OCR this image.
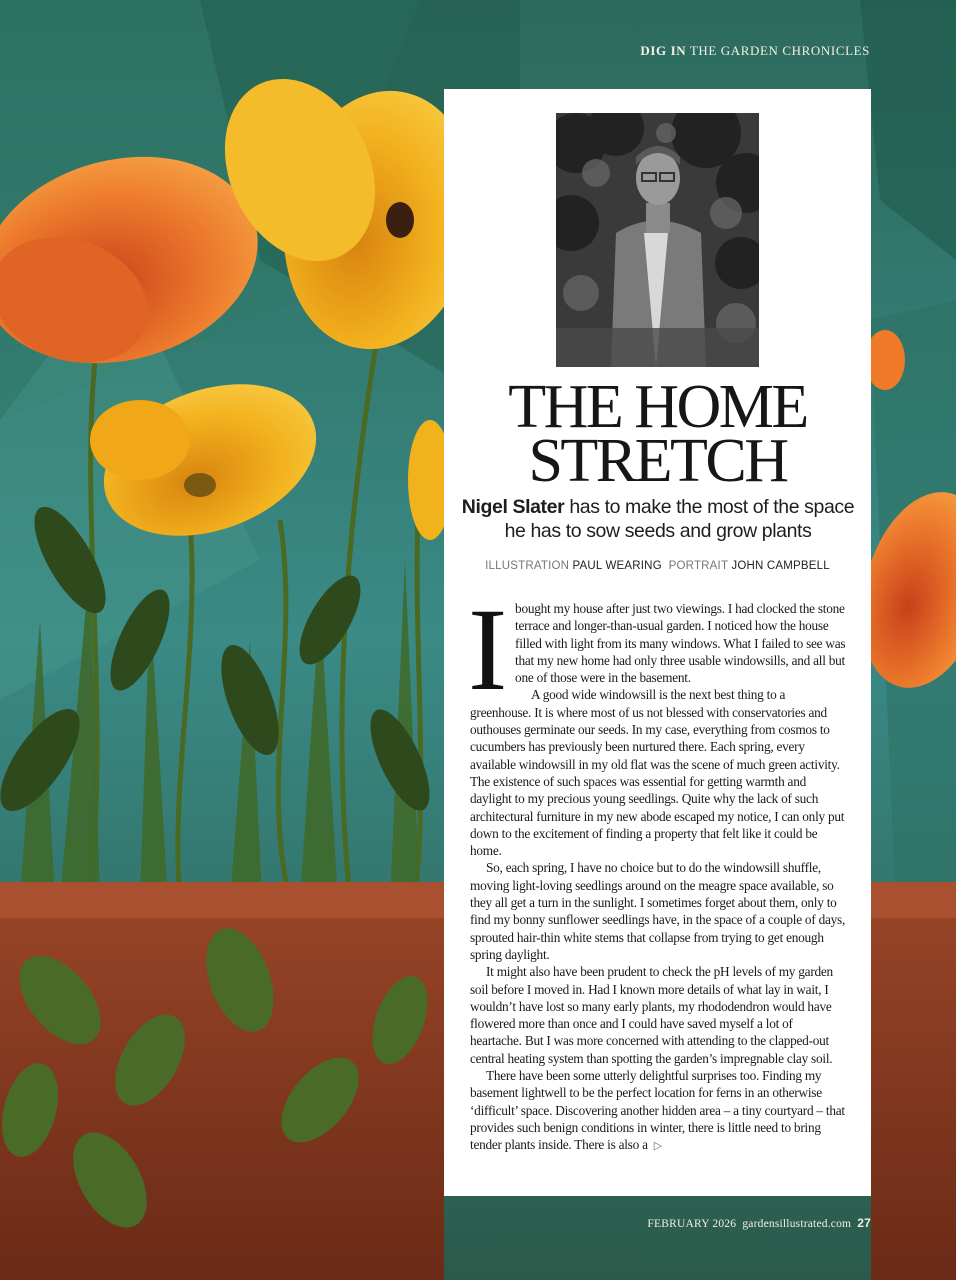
DIG IN THE GARDEN CHRONICLES
THE HOME
STRETCH
Nigel Slater has to make the most of the space he has to sow seeds and grow plants
ILLUSTRATION PAUL WEARING PORTRAIT JOHN CAMPBELL

I bought my house after just two viewings. I had clocked the stone terrace and longer-than-usual garden. I noticed how the house filled with light from its many windows. What I failed to see was that my new home had only three usable windowsills, and all but one of those were in the basement.

A good wide windowsill is the next best thing to a greenhouse. It is where most of us not blessed with conservatories and outhouses germinate our seeds. In my case, everything from cosmos to cucumbers has previously been nurtured there. Each spring, every available windowsill in my old flat was the scene of much green activity. The existence of such spaces was essential for getting warmth and daylight to my precious young seedlings. Quite why the lack of such architectural furniture in my new abode escaped my notice, I can only put down to the excitement of finding a property that felt like it could be home.

So, each spring, I have no choice but to do the windowsill shuffle, moving light-loving seedlings around on the meagre space available, so they all get a turn in the sunlight. I sometimes forget about them, only to find my bonny sunflower seedlings have, in the space of a couple of days, sprouted hair-thin white stems that collapse from trying to get enough spring daylight.

It might also have been prudent to check the pH levels of my garden soil before I moved in. Had I known more details of what lay in wait, I wouldn’t have lost so many early plants, my rhododendron would have flowered more than once and I could have saved myself a lot of heartache. But I was more concerned with attending to the clapped-out central heating system than spotting the garden’s impregnable clay soil.

There have been some utterly delightful surprises too. Finding my basement lightwell to be the perfect location for ferns in an otherwise ‘difficult’ space. Discovering another hidden area – a tiny courtyard – that provides such benign conditions in winter, there is little need to bring tender plants inside. There is also a ▷

FEBRUARY 2026 gardensillustrated.com 27
